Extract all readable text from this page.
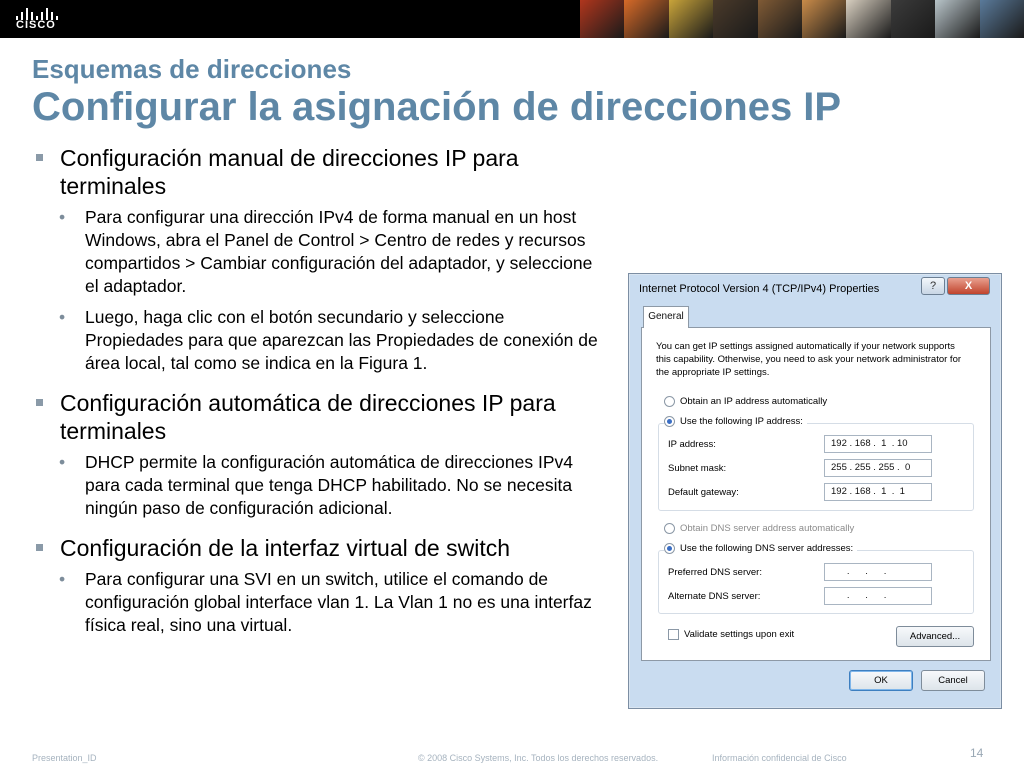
CISCO
Esquemas de direcciones
Configurar la asignación de direcciones IP
Configuración manual de direcciones IP para terminales
• Para configurar una dirección IPv4 de forma manual en un host Windows, abra el Panel de Control > Centro de redes y recursos compartidos > Cambiar configuración del adaptador, y seleccione el adaptador.
• Luego, haga clic con el botón secundario y seleccione Propiedades para que aparezcan las Propiedades de conexión de área local, tal como se indica en la Figura 1.
Configuración automática de direcciones IP para terminales
• DHCP permite la configuración automática de direcciones IPv4 para cada terminal que tenga DHCP habilitado. No se necesita ningún paso de configuración adicional.
Configuración de la interfaz virtual de switch
• Para configurar una SVI en un switch, utilice el comando de configuración global interface vlan 1. La Vlan 1 no es una interfaz física real, sino una virtual.
Internet Protocol Version 4 (TCP/IPv4) Properties	?	X
General
You can get IP settings assigned automatically if your network supports this capability. Otherwise, you need to ask your network administrator for the appropriate IP settings.
Obtain an IP address automatically
Use the following IP address:
IP address:	192 . 168 .  1  . 10
Subnet mask:	255 . 255 . 255 .  0
Default gateway:	192 . 168 .  1  .  1
Obtain DNS server address automatically
Use the following DNS server addresses:
Preferred DNS server:	.      .      .
Alternate DNS server:	.      .      .
Validate settings upon exit	Advanced...
OK	Cancel
Presentation_ID	© 2008 Cisco Systems, Inc. Todos los derechos reservados.	Información confidencial de Cisco	14
